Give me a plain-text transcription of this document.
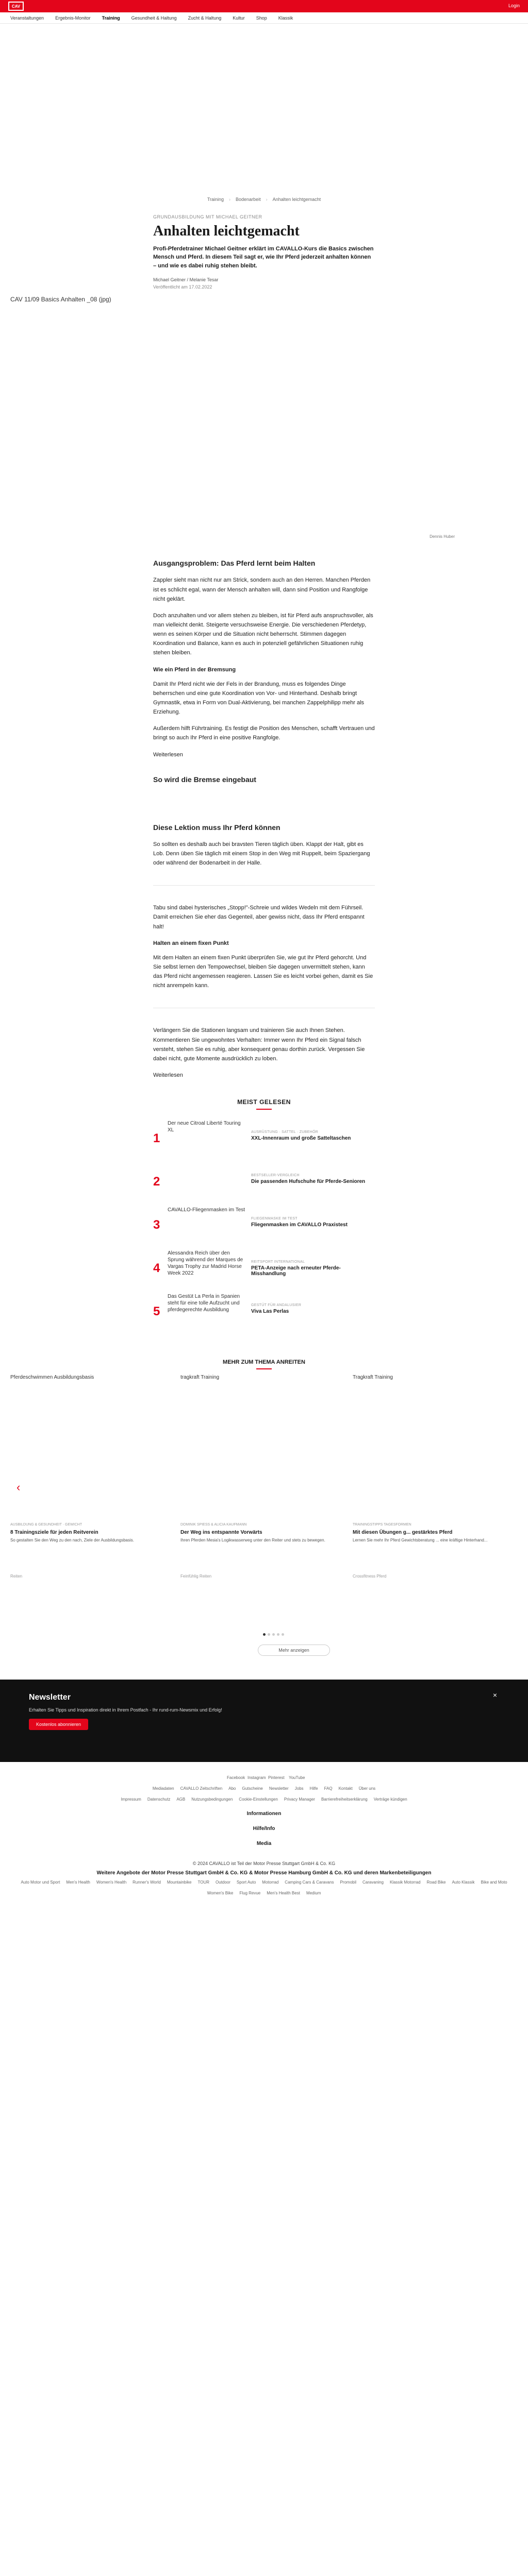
CAV	Login
Veranstaltungen Ergebnis-Monitor Training Gesundheit & Haltung Zucht & Haltung Kultur Shop Klassik
Training › Bodenarbeit › Anhalten leichtgemacht
GRUNDAUSBILDUNG MIT MICHAEL GEITNER
Anhalten leichtgemacht
Profi-Pferdetrainer Michael Geitner erklärt im CAVALLO-Kurs die Basics zwischen Mensch und Pferd. In diesem Teil sagt er, wie Ihr Pferd jederzeit anhalten können – und wie es dabei ruhig stehen bleibt.
Michael Geitner / Melanie Tesar
Veröffentlicht am 17.02.2022
CAV 11/09 Basics Anhalten _08 (jpg)
Dennis Huber
Ausgangsproblem: Das Pferd lernt beim Halten

Zappler sieht man nicht nur am Strick, sondern auch an den Herren. Manchen Pferden ist es schlicht egal, wann der Mensch anhalten will, dann sind Position und Rangfolge nicht geklärt.

Doch anzuhalten und vor allem stehen zu bleiben, ist für Pferd aufs anspruchsvoller, als man vielleicht denkt. Steigerte versuchsweise Energie. Die verschiedenen Pferdetyp, wenn es seinen Körper und die Situation nicht beherrscht. Stimmen dagegen Koordination und Balance, kann es auch in potenziell gefährlichen Situationen ruhig stehen bleiben.

Wie ein Pferd in der Bremsung

Damit Ihr Pferd nicht wie der Fels in der Brandung, muss es folgendes Dinge beherrschen und eine gute Koordination von Vor- und Hinterhand. Deshalb bringt Gymnastik, etwa in Form von Dual-Aktivierung, bei manchen Zappelphilipp mehr als Erziehung.

Außerdem hilft Führtraining. Es festigt die Position des Menschen, schafft Vertrauen und bringt so auch Ihr Pferd in eine positive Rangfolge.

Weiterlesen

So wird die Bremse eingebaut
Diese Lektion muss Ihr Pferd können

So sollten es deshalb auch bei bravsten Tieren täglich üben. Klappt der Halt, gibt es Lob. Denn üben Sie täglich mit einem Stop in den Weg mit Ruppelt, beim Spaziergang oder während der Bodenarbeit in der Halle.

Tabu sind dabei hysterisches „Stopp!"-Schreie und wildes Wedeln mit dem Führseil. Damit erreichen Sie eher das Gegenteil, aber gewiss nicht, dass Ihr Pferd entspannt halt!

Halten an einem fixen Punkt

Mit dem Halten an einem fixen Punkt überprüfen Sie, wie gut Ihr Pferd gehorcht. Und Sie selbst lernen den Tempowechsel, bleiben Sie dagegen unvermittelt stehen, kann das Pferd nicht angemessen reagieren. Lassen Sie es leicht vorbei gehen, damit es Sie nicht anrempeln kann.

Verlängern Sie die Stationen langsam und trainieren Sie auch Ihnen Stehen. Kommentieren Sie ungewohntes Verhalten: Immer wenn Ihr Pferd ein Signal falsch versteht, stehen Sie es ruhig, aber konsequent genau dorthin zurück. Vergessen Sie dabei nicht, gute Momente ausdrücklich zu loben.

Weiterlesen

MEIST GELESEN
1
Der neue Citroal Liberté Touring XL	AUSRÜSTUNG · SATTEL · ZUBEHÖR
XXL-Innenraum und große Satteltaschen
2	BESTSELLER-VERGLEICH
Die passenden Hufschuhe für Pferde-Senioren
3
CAVALLO-Fliegenmasken im Test
FLIEGENMASKE IM TEST
Fliegenmasken im CAVALLO Praxistest
4
Alessandra Reich über den Sprung während der Marques de Vargas Trophy zur Madrid Horse Week 2022
REITSPORT INTERNATIONAL
PETA-Anzeige nach erneuter Pferde-Misshandlung
5
Das Gestüt La Perla in Spanien steht für eine tolle Aufzucht und pferdegerechte Ausbildung
GESTÜT FÜR ANDALUSIER
Viva Las Perlas
MEHR ZUM THEMA ANREITEN
‹
Pferdeschwimmen Ausbildungsbasis
AUSBILDUNG & GESUNDHEIT · GEWICHT
8 Trainingsziele für jeden Reitverein
So gestalten Sie den Weg zu den nach, Ziele der Ausbildungsbasis.
Reiten
tragkraft Training
DOMINIK SPIESS & ALICIA KAUFMANN
Der Weg ins entspannte Vorwärts
Ihren Pferden Mesia's Logikwasserweg unter den Reiter und stets zu bewegen.
Feinfühlig Reiten
Tragkraft Training
TRAININGSTIPPS TAGESFORMEN
Mit diesen Übungen g... gestärktes Pferd
Lernen Sie mehr Ihr Pferd Gewichtsberatung ... eine kräftige Hinterhand...
Crossfitness Pferd
Mehr anzeigen
Newsletter
Erhalten Sie Tipps und Inspiration direkt in Ihrem Postfach - Ihr rund-rum-Newsmix und Erfolg!
Kostenlos abonnieren
×
Facebook Instagram Pinterest YouTube
Mediadaten CAVALLO Zeitschriften Abo Gutscheine Newsletter Jobs Hilfe FAQ Kontakt Über uns
Impressum Datenschutz AGB Nutzungsbedingungen Cookie-Einstellungen Privacy Manager Barrierefreiheitserklärung Verträge kündigen
Informationen
Hilfe/Info
Media
© 2024 CAVALLO ist Teil der Motor Presse Stuttgart GmbH & Co. KG
Weitere Angebote der Motor Presse Stuttgart GmbH & Co. KG & Motor Presse Hamburg GmbH & Co. KG und deren Markenbeteiligungen
Auto Motor und Sport Men's Health Women's Health Runner's World Mountainbike TOUR Outdoor Sport Auto Motorrad Camping Cars & Caravans Promobil Caravaning Klassik Motorrad Road Bike Auto Klassik Bike and Moto
Women's Bike Flug Revue Men's Health Best Medium
